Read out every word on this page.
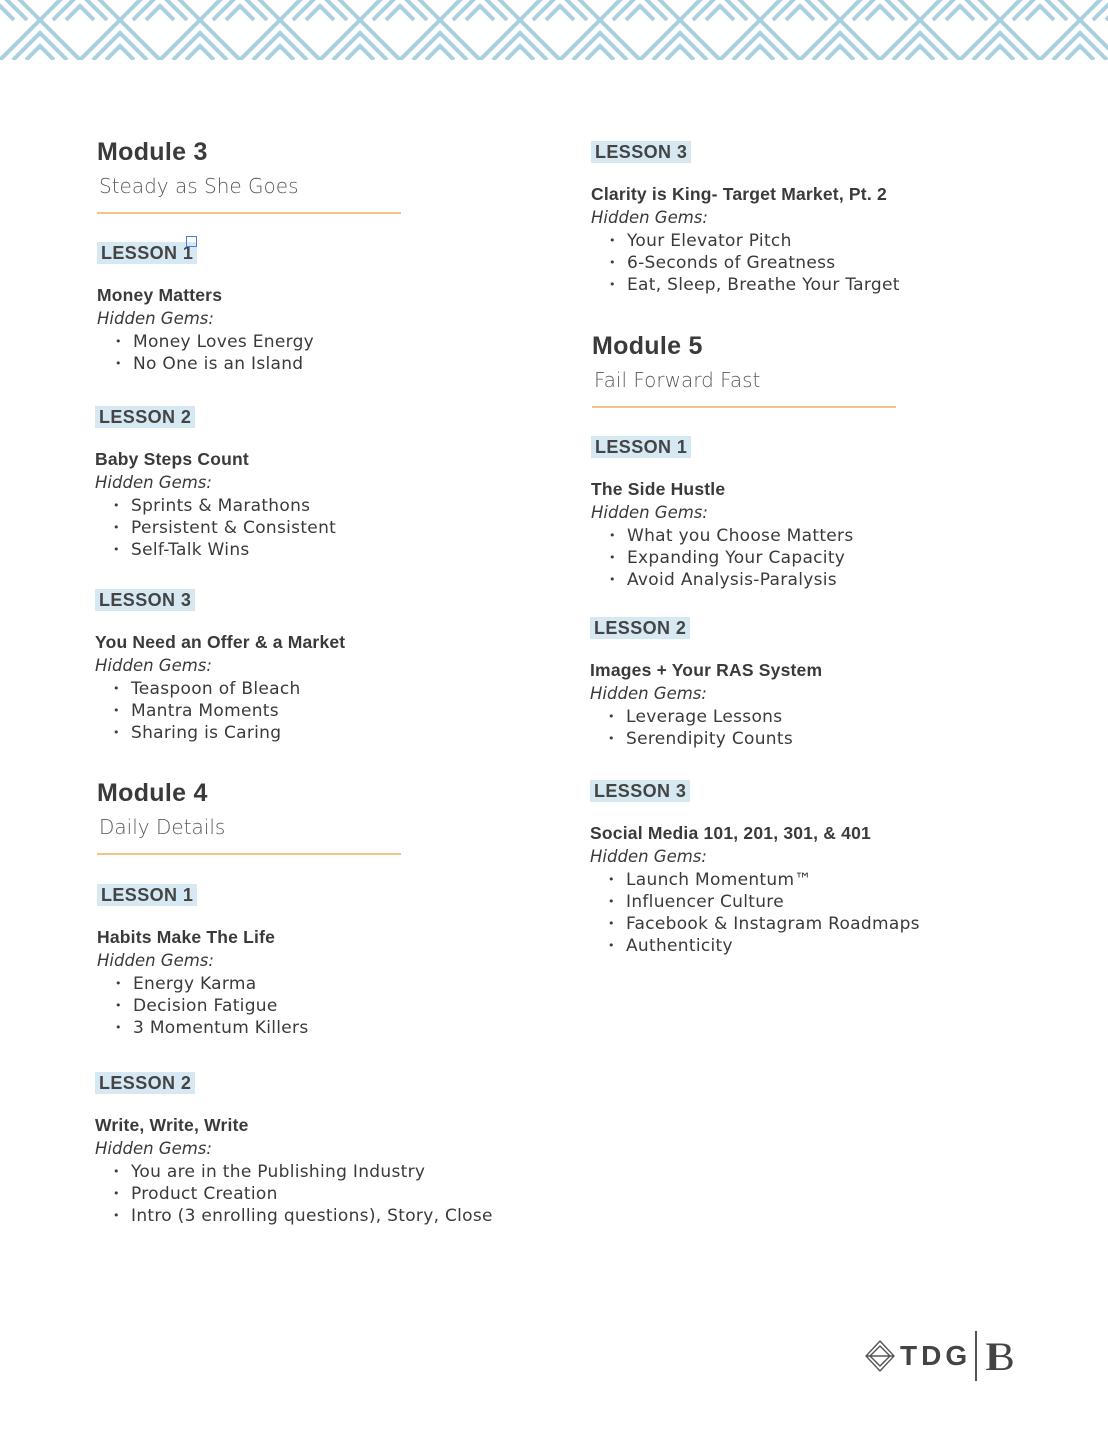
Module 3
Steady as She Goes
Module 4
Daily Details
Module 5
Fail Forward Fast
LESSON 1
Money Matters
Hidden Gems:
• Money Loves Energy
• No One is an Island
LESSON 2
Baby Steps Count
Hidden Gems:
• Sprints & Marathons
• Persistent & Consistent
• Self-Talk Wins
LESSON 3
You Need an Offer & a Market
Hidden Gems:
• Teaspoon of Bleach
• Mantra Moments
• Sharing is Caring
LESSON 1
Habits Make The Life
Hidden Gems:
• Energy Karma
• Decision Fatigue
• 3 Momentum Killers
LESSON 2
Write, Write, Write
Hidden Gems:
• You are in the Publishing Industry
• Product Creation
• Intro (3 enrolling questions), Story, Close
LESSON 3
Clarity is King- Target Market, Pt. 2
Hidden Gems:
• Your Elevator Pitch
• 6-Seconds of Greatness
• Eat, Sleep, Breathe Your Target
LESSON 1
The Side Hustle
Hidden Gems:
• What you Choose Matters
• Expanding Your Capacity
• Avoid Analysis-Paralysis
LESSON 2
Images + Your RAS System
Hidden Gems:
• Leverage Lessons
• Serendipity Counts
LESSON 3
Social Media 101, 201, 301, & 401
Hidden Gems:
• Launch Momentum™
• Influencer Culture
• Facebook & Instagram Roadmaps
• Authenticity
TDG IB
